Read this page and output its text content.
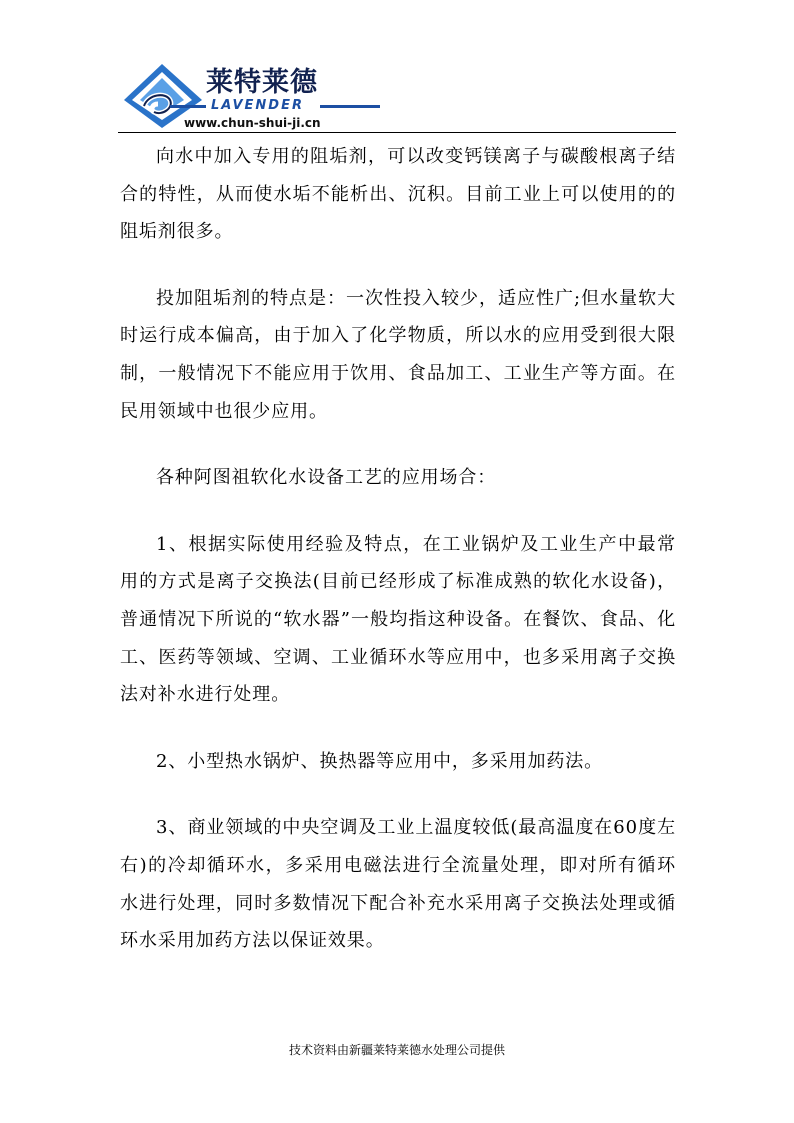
莱特莱德
LAVENDER
www.chun-shui-ji.cn

向水中加入专用的阻垢剂，可以改变钙镁离子与碳酸根离子结合的特性，从而使水垢不能析出、沉积。目前工业上可以使用的的阻垢剂很多。

投加阻垢剂的特点是：一次性投入较少，适应性广;但水量软大时运行成本偏高，由于加入了化学物质，所以水的应用受到很大限制，一般情况下不能应用于饮用、食品加工、工业生产等方面。在民用领域中也很少应用。

各种阿图祖软化水设备工艺的应用场合：

1、根据实际使用经验及特点，在工业锅炉及工业生产中最常用的方式是离子交换法(目前已经形成了标准成熟的软化水设备)，普通情况下所说的“软水器”一般均指这种设备。在餐饮、食品、化工、医药等领域、空调、工业循环水等应用中，也多采用离子交换法对补水进行处理。

2、小型热水锅炉、换热器等应用中，多采用加药法。

3、商业领域的中央空调及工业上温度较低(最高温度在60度左右)的冷却循环水，多采用电磁法进行全流量处理，即对所有循环水进行处理，同时多数情况下配合补充水采用离子交换法处理或循环水采用加药方法以保证效果。

技术资料由新疆莱特莱德水处理公司提供
